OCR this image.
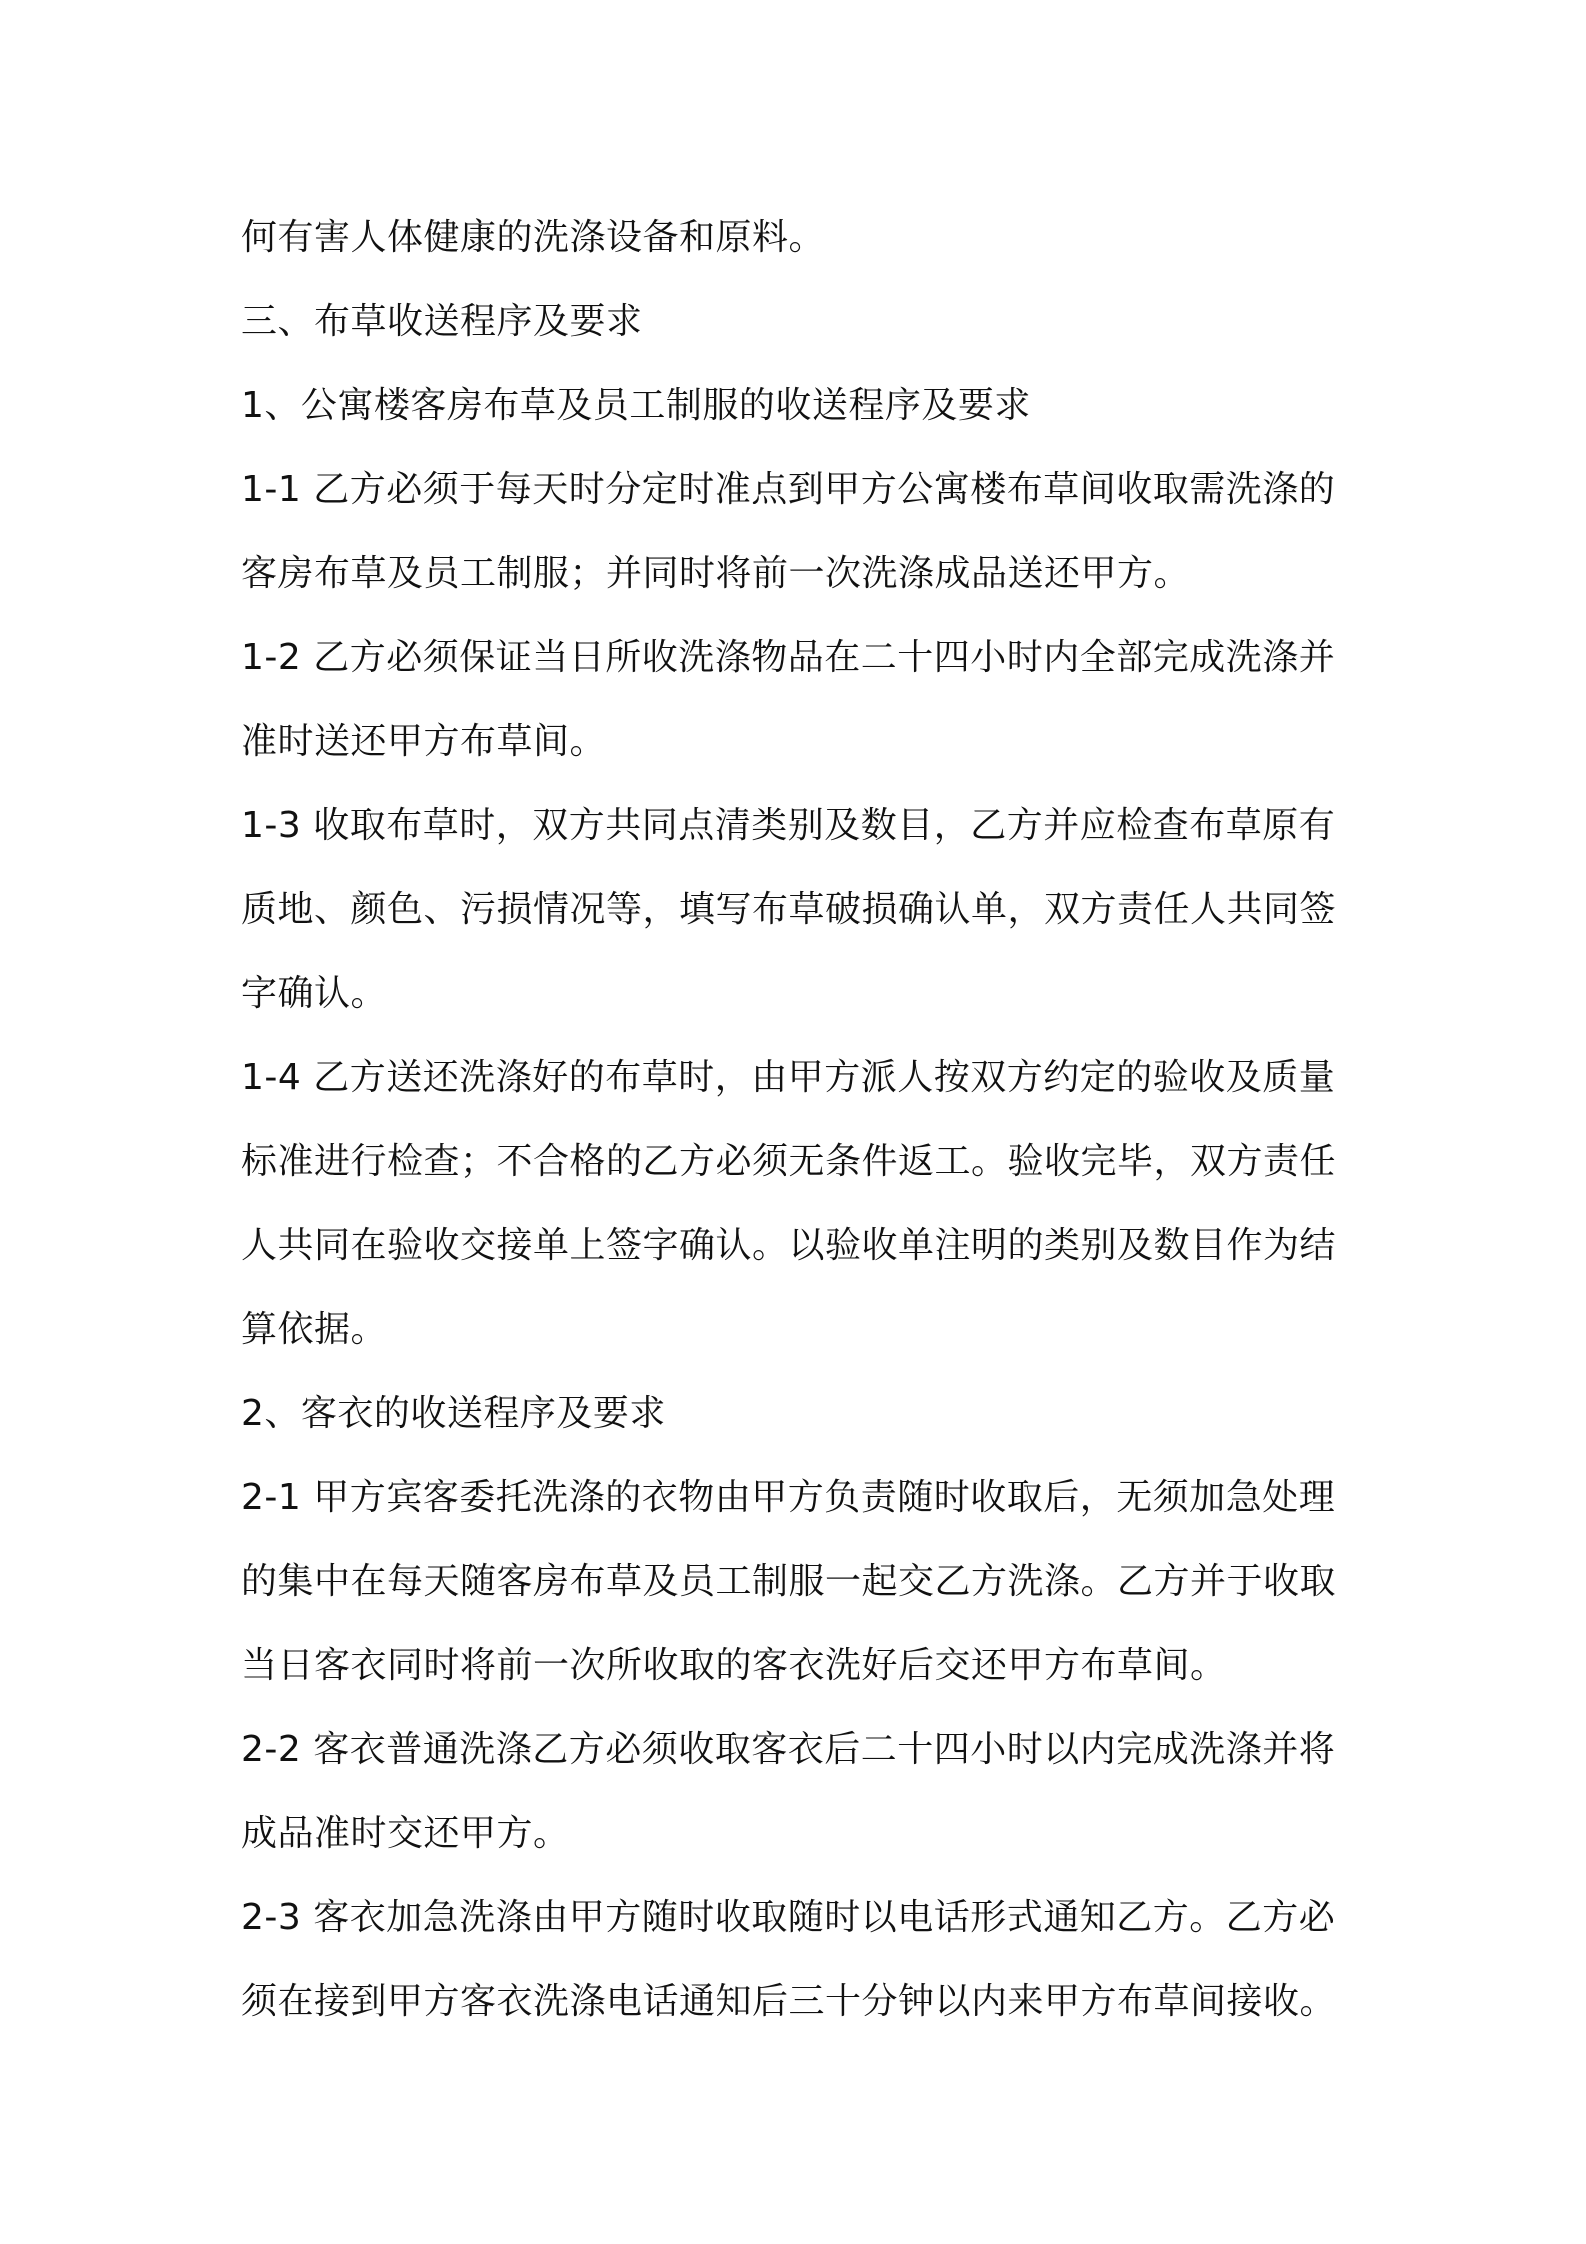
何有害人体健康的洗涤设备和原料。
三、布草收送程序及要求
1、公寓楼客房布草及员工制服的收送程序及要求
1-1 乙方必须于每天时分定时准点到甲方公寓楼布草间收取需洗涤的
客房布草及员工制服；并同时将前一次洗涤成品送还甲方。
1-2 乙方必须保证当日所收洗涤物品在二十四小时内全部完成洗涤并
准时送还甲方布草间。
1-3 收取布草时，双方共同点清类别及数目，乙方并应检查布草原有
质地、颜色、污损情况等，填写布草破损确认单，双方责任人共同签
字确认。
1-4 乙方送还洗涤好的布草时，由甲方派人按双方约定的验收及质量
标准进行检查；不合格的乙方必须无条件返工。验收完毕，双方责任
人共同在验收交接单上签字确认。以验收单注明的类别及数目作为结
算依据。
2、客衣的收送程序及要求
2-1 甲方宾客委托洗涤的衣物由甲方负责随时收取后，无须加急处理
的集中在每天随客房布草及员工制服一起交乙方洗涤。乙方并于收取
当日客衣同时将前一次所收取的客衣洗好后交还甲方布草间。
2-2 客衣普通洗涤乙方必须收取客衣后二十四小时以内完成洗涤并将
成品准时交还甲方。
2-3 客衣加急洗涤由甲方随时收取随时以电话形式通知乙方。乙方必
须在接到甲方客衣洗涤电话通知后三十分钟以内来甲方布草间接收。
